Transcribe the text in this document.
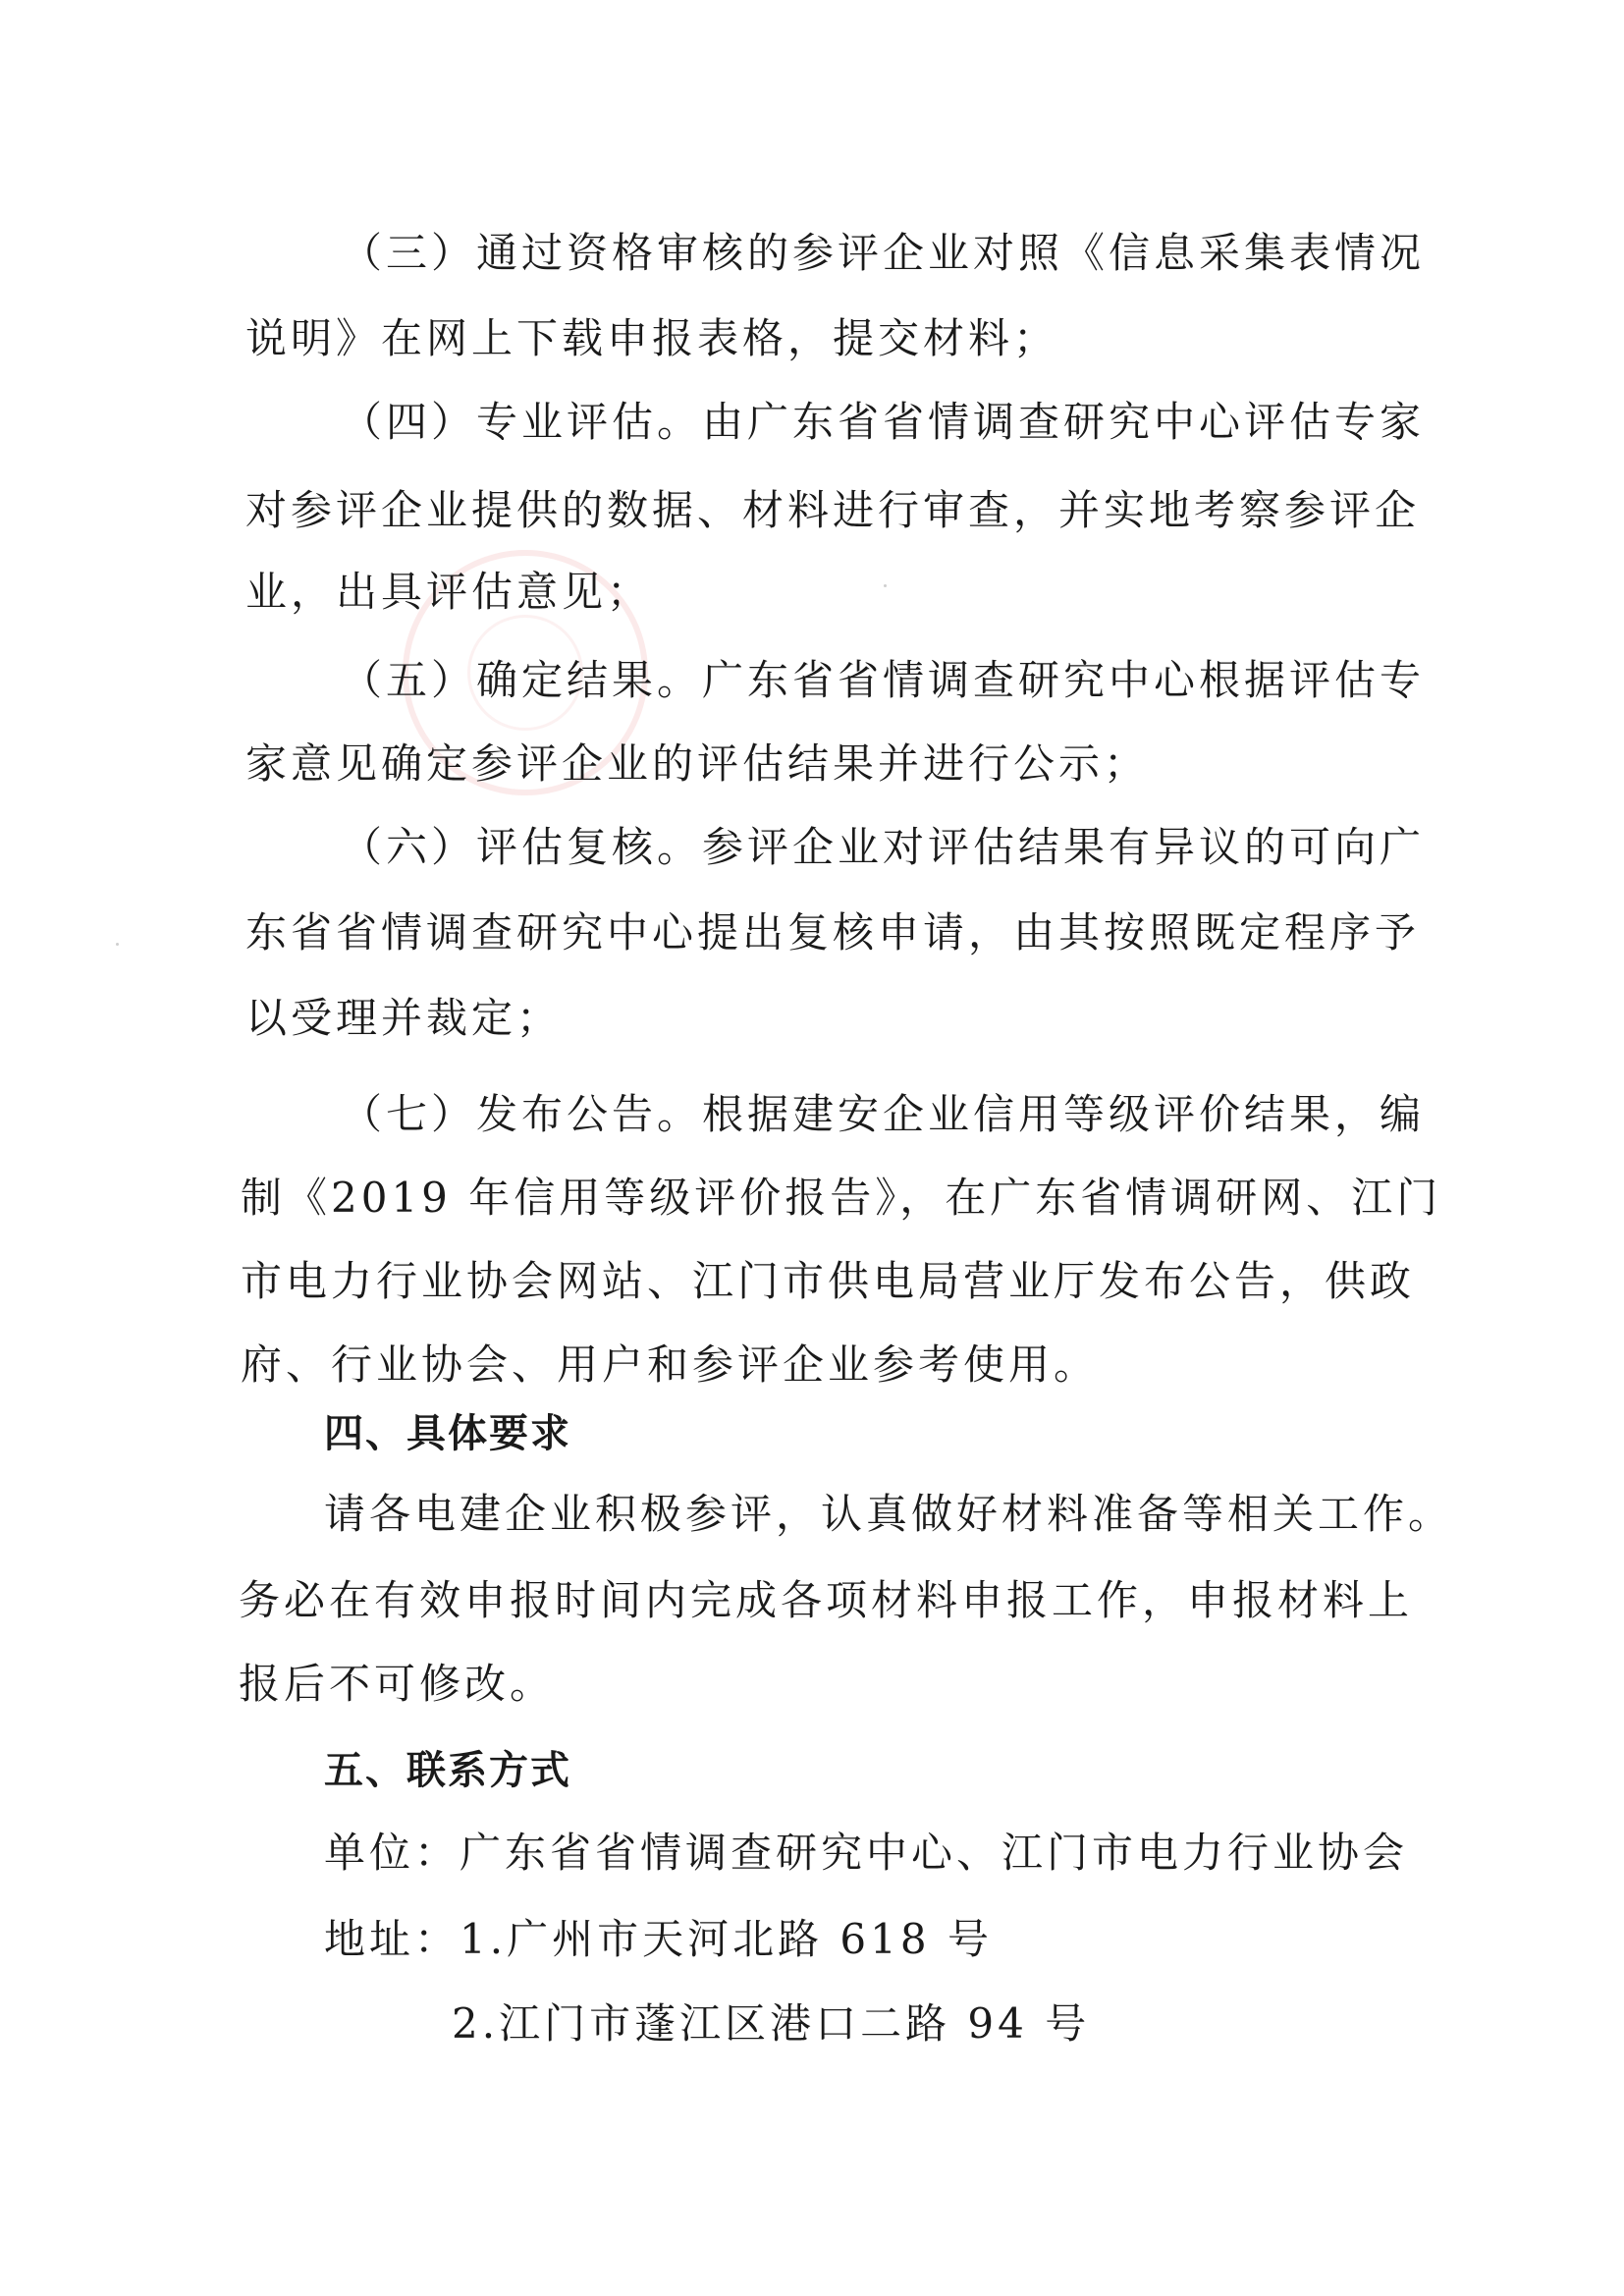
（三）通过资格审核的参评企业对照《信息采集表情况
说明》在网上下载申报表格，提交材料；
（四）专业评估。由广东省省情调查研究中心评估专家
对参评企业提供的数据、材料进行审查，并实地考察参评企
业，出具评估意见；
（五）确定结果。广东省省情调查研究中心根据评估专
家意见确定参评企业的评估结果并进行公示；
（六）评估复核。参评企业对评估结果有异议的可向广
东省省情调查研究中心提出复核申请，由其按照既定程序予
以受理并裁定；
（七）发布公告。根据建安企业信用等级评价结果，编
制《2019 年信用等级评价报告》，在广东省情调研网、江门
市电力行业协会网站、江门市供电局营业厅发布公告，供政
府、行业协会、用户和参评企业参考使用。
四、具体要求
请各电建企业积极参评，认真做好材料准备等相关工作。
务必在有效申报时间内完成各项材料申报工作，申报材料上
报后不可修改。
五、联系方式
单位：广东省省情调查研究中心、江门市电力行业协会
地址：1.广州市天河北路 618 号
2.江门市蓬江区港口二路 94 号
